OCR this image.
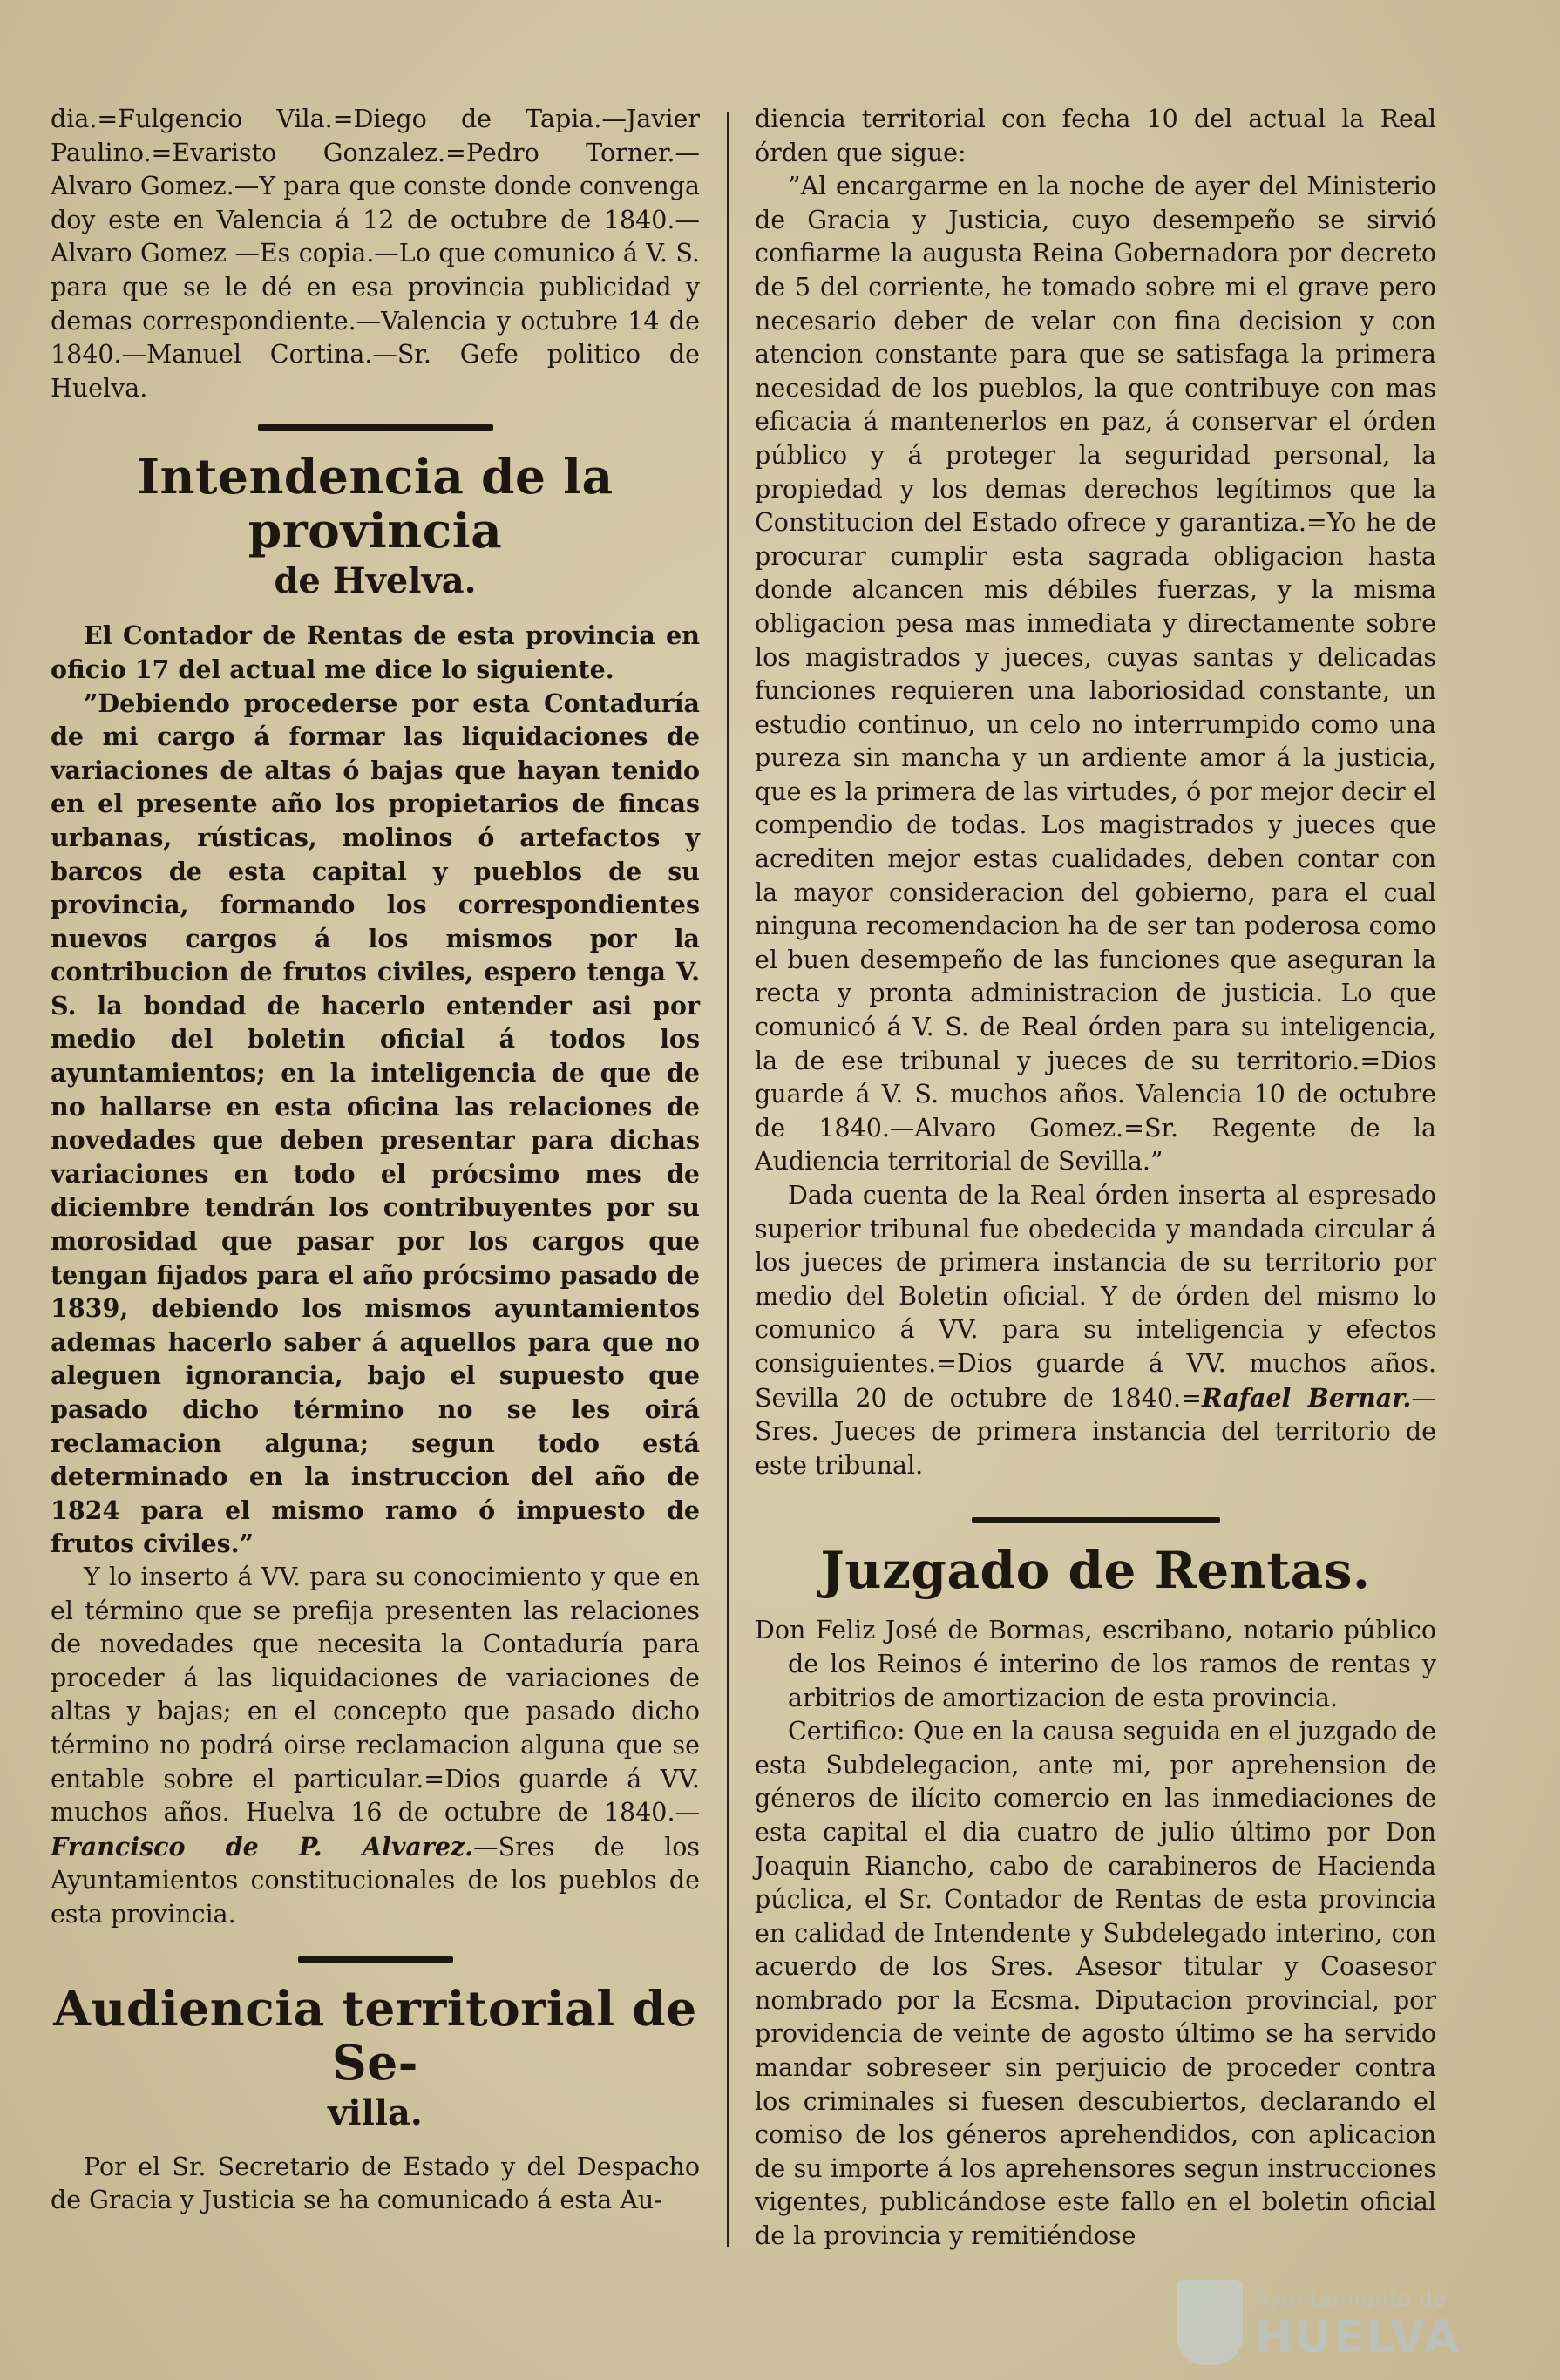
dia.=Fulgencio Vila.=Diego de Tapia.—Javier Paulino.=Evaristo Gonzalez.=Pedro Torner.—Alvaro Gomez.—Y para que conste donde convenga doy este en Valencia á 12 de octubre de 1840.—Alvaro Gomez —Es copia.—Lo que comunico á V. S. para que se le dé en esa provincia publicidad y demas correspondiente.—Valencia y octubre 14 de 1840.—Manuel Cortina.—Sr. Gefe politico de Huelva.

Intendencia de la provincia
de Hvelva.

El Contador de Rentas de esta provincia en oficio 17 del actual me dice lo siguiente.

”Debiendo procederse por esta Contaduría de mi cargo á formar las liquidaciones de variaciones de altas ó bajas que hayan tenido en el presente año los propietarios de fincas urbanas, rústicas, molinos ó artefactos y barcos de esta capital y pueblos de su provincia, formando los correspondientes nuevos cargos á los mismos por la contribucion de frutos civiles, espero tenga V. S. la bondad de hacerlo entender asi por medio del boletin oficial á todos los ayuntamientos; en la inteligencia de que de no hallarse en esta oficina las relaciones de novedades que deben presentar para dichas variaciones en todo el prócsimo mes de diciembre tendrán los contribuyentes por su morosidad que pasar por los cargos que tengan fijados para el año prócsimo pasado de 1839, debiendo los mismos ayuntamientos ademas hacerlo saber á aquellos para que no aleguen ignorancia, bajo el supuesto que pasado dicho término no se les oirá reclamacion alguna; segun todo está determinado en la instruccion del año de 1824 para el mismo ramo ó impuesto de frutos civiles.”

Y lo inserto á VV. para su conocimiento y que en el término que se prefija presenten las relaciones de novedades que necesita la Contaduría para proceder á las liquidaciones de variaciones de altas y bajas; en el concepto que pasado dicho término no podrá oirse reclamacion alguna que se entable sobre el particular.=Dios guarde á VV. muchos años. Huelva 16 de octubre de 1840.—Francisco de P. Alvarez.—Sres de los Ayuntamientos constitucionales de los pueblos de esta provincia.

Audiencia territorial de Se-
villa.

Por el Sr. Secretario de Estado y del Despacho de Gracia y Justicia se ha comunicado á esta Au-

diencia territorial con fecha 10 del actual la Real órden que sigue:

”Al encargarme en la noche de ayer del Ministerio de Gracia y Justicia, cuyo desempeño se sirvió confiarme la augusta Reina Gobernadora por decreto de 5 del corriente, he tomado sobre mi el grave pero necesario deber de velar con fina decision y con atencion constante para que se satisfaga la primera necesidad de los pueblos, la que contribuye con mas eficacia á mantenerlos en paz, á conservar el órden público y á proteger la seguridad personal, la propiedad y los demas derechos legítimos que la Constitucion del Estado ofrece y garantiza.=Yo he de procurar cumplir esta sagrada obligacion hasta donde alcancen mis débiles fuerzas, y la misma obligacion pesa mas inmediata y directamente sobre los magistrados y jueces, cuyas santas y delicadas funciones requieren una laboriosidad constante, un estudio continuo, un celo no interrumpido como una pureza sin mancha y un ardiente amor á la justicia, que es la primera de las virtudes, ó por mejor decir el compendio de todas. Los magistrados y jueces que acrediten mejor estas cualidades, deben contar con la mayor consideracion del gobierno, para el cual ninguna recomendacion ha de ser tan poderosa como el buen desempeño de las funciones que aseguran la recta y pronta administracion de justicia. Lo que comunicó á V. S. de Real órden para su inteligencia, la de ese tribunal y jueces de su territorio.=Dios guarde á V. S. muchos años. Valencia 10 de octubre de 1840.—Alvaro Gomez.=Sr. Regente de la Audiencia territorial de Sevilla.”

Dada cuenta de la Real órden inserta al espresado superior tribunal fue obedecida y mandada circular á los jueces de primera instancia de su territorio por medio del Boletin oficial. Y de órden del mismo lo comunico á VV. para su inteligencia y efectos consiguientes.=Dios guarde á VV. muchos años. Sevilla 20 de octubre de 1840.=Rafael Bernar.—Sres. Jueces de primera instancia del territorio de este tribunal.

Juzgado de Rentas.

Don Feliz José de Bormas, escribano, notario público de los Reinos é interino de los ramos de rentas y arbitrios de amortizacion de esta provincia.

Certifico: Que en la causa seguida en el juzgado de esta Subdelegacion, ante mi, por aprehension de géneros de ilícito comercio en las inmediaciones de esta capital el dia cuatro de julio último por Don Joaquin Riancho, cabo de carabineros de Hacienda púclica, el Sr. Contador de Rentas de esta provincia en calidad de Intendente y Subdelegado interino, con acuerdo de los Sres. Asesor titular y Coasesor nombrado por la Ecsma. Diputacion provincial, por providencia de veinte de agosto último se ha servido mandar sobreseer sin perjuicio de proceder contra los criminales si fuesen descubiertos, declarando el comiso de los géneros aprehendidos, con aplicacion de su importe á los aprehensores segun instrucciones vigentes, publicándose este fallo en el boletin oficial de la provincia y remitiéndose

Ayuntamiento de
HUELVA
